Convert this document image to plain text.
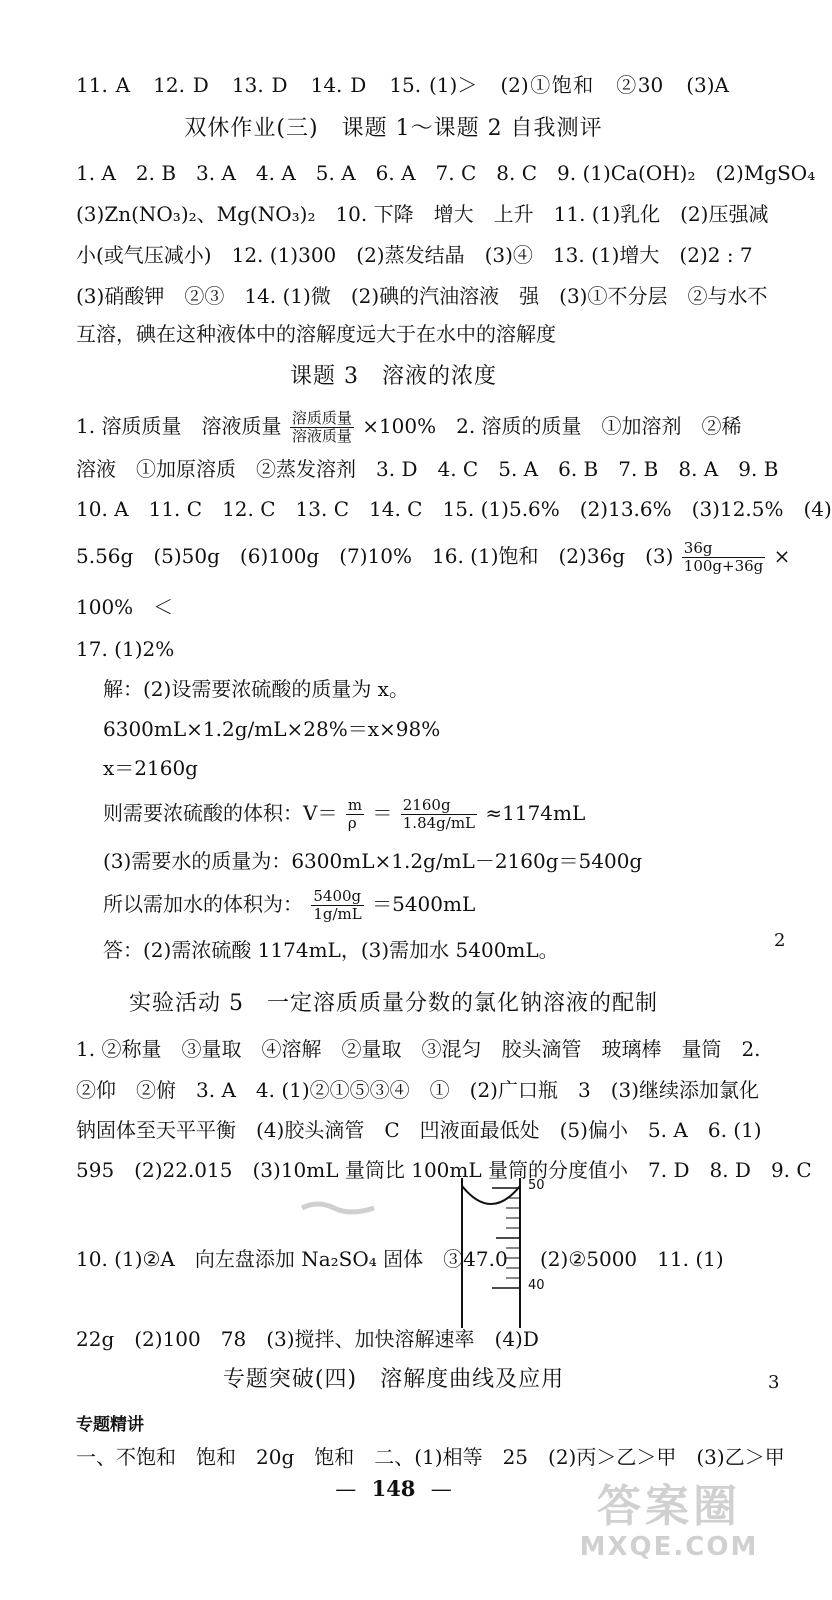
11. A　12. D　13. D　14. D　15. (1)＞　(2)①饱和　②30　(3)A
双休作业(三)　课题 1～课题 2 自我测评
1. A　2. B　3. A　4. A　5. A　6. A　7. C　8. C　9. (1)Ca(OH)₂　(2)MgSO₄
(3)Zn(NO₃)₂、Mg(NO₃)₂　10. 下降　增大　上升　11. (1)乳化　(2)压强减
小(或气压减小)　12. (1)300　(2)蒸发结晶　(3)④　13. (1)增大　(2)2 : 7
(3)硝酸钾　②③　14. (1)微　(2)碘的汽油溶液　强　(3)①不分层　②与水不
互溶，碘在这种液体中的溶解度远大于在水中的溶解度
课题 3　溶液的浓度
1. 溶质质量　溶液质量 $\frac{\text{溶质质量}}{\text{溶液质量}} \times 100\%$　2. 溶质的质量　①加溶剂　②稀
溶液　①加原溶质　②蒸发溶剂　3. D　4. C　5. A　6. B　7. B　8. A　9. B
10. A　11. C　12. C　13. C　14. C　15. (1)5.6%　(2)13.6%　(3)12.5%　(4)
5.56g　(5)50g　(6)100g　(7)10%　16. (1)饱和　(2)36g　$(3) \frac{36g}{100g+36g}$ ×
100%　＜
17. (1)2%
解：(2)设需要浓硫酸的质量为 x。
6300mL×1.2g/mL×28%＝x×98%
x＝2160g
则需要浓硫酸的体积：$V= \frac{m}{\rho} = \frac{2160g}{1.84g/mL} \approx 1174mL$
(3)需要水的质量为：6300mL×1.2g/mL－2160g＝5400g
所以需加水的体积为： $\frac{5400g}{1g/mL} =5400mL$
答：(2)需浓硫酸 1174mL，(3)需加水 5400mL。	2
实验活动 5　一定溶质质量分数的氯化钠溶液的配制
1. ②称量　③量取　④溶解　②量取　③混匀　胶头滴管　玻璃棒　量筒　2.
②仰　②俯　3. A　4. (1)②①⑤③④　①　(2)广口瓶　3　(3)继续添加氯化
钠固体至天平平衡　(4)胶头滴管　C　凹液面最低处　(5)偏小　5. A　6. (1)
595　(2)22.015　(3)10mL 量筒比 100mL 量筒的分度值小　7. D　8. D　9. C
10. (1)②A　向左盘添加 Na₂SO₄ 固体　③47.0
50
40
(2)②5000　11. (1)
22g　(2)100　78　(3)搅拌、加快溶解速率　(4)D
专题突破(四)　溶解度曲线及应用	3
专题精讲
一、不饱和　饱和　20g　饱和　二、(1)相等　25　(2)丙＞乙＞甲　(3)乙＞甲
— 148 —	答案圈
MXQE.COM
